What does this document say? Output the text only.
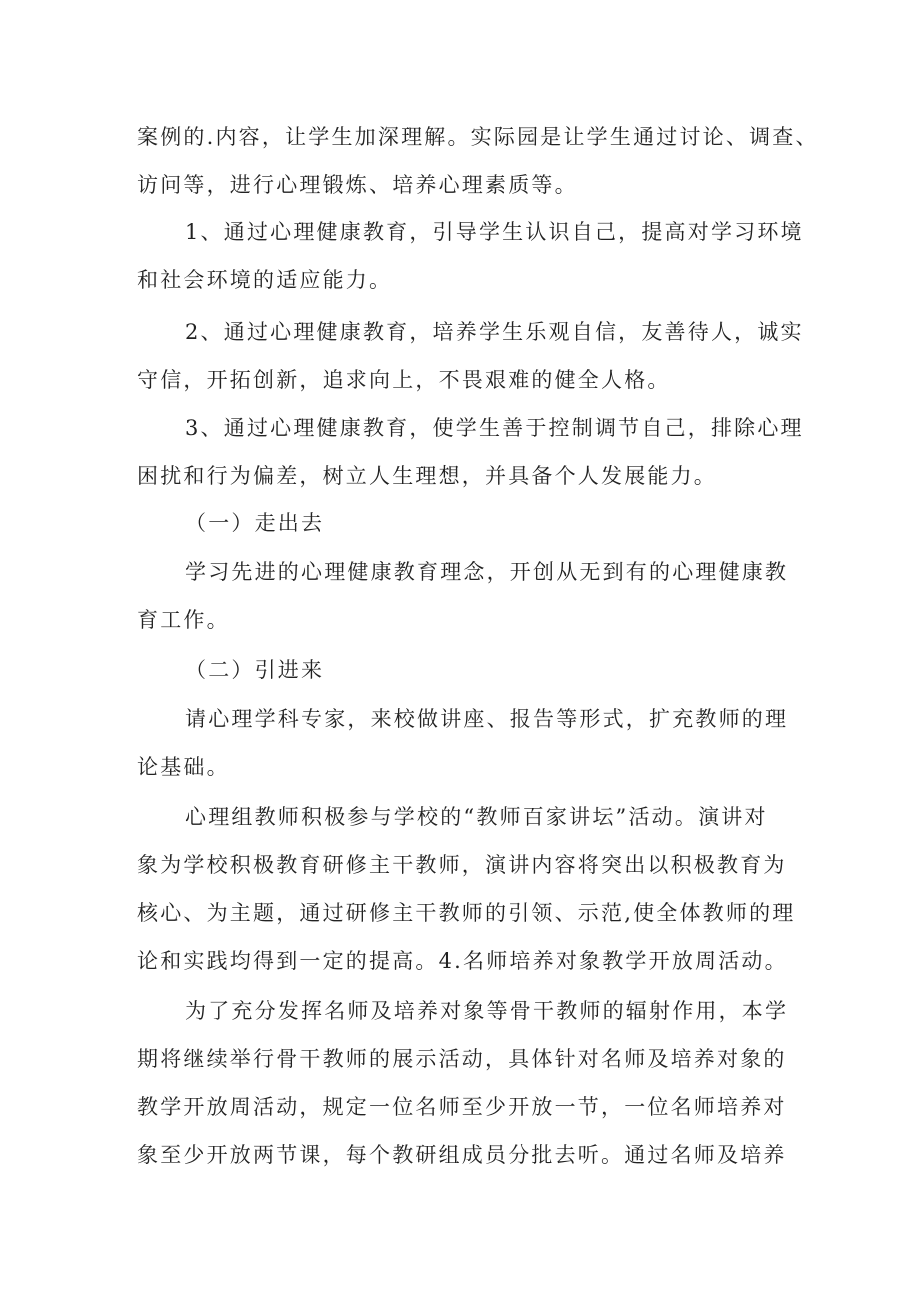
案例的.内容，让学生加深理解。实际园是让学生通过讨论、调查、
访问等，进行心理锻炼、培养心理素质等。
1、通过心理健康教育，引导学生认识自己，提高对学习环境
和社会环境的适应能力。
2、通过心理健康教育，培养学生乐观自信，友善待人，诚实
守信，开拓创新，追求向上，不畏艰难的健全人格。
3、通过心理健康教育，使学生善于控制调节自己，排除心理
困扰和行为偏差，树立人生理想，并具备个人发展能力。
（一）走出去
学习先进的心理健康教育理念，开创从无到有的心理健康教
育工作。
（二）引进来
请心理学科专家，来校做讲座、报告等形式，扩充教师的理
论基础。
心理组教师积极参与学校的“教师百家讲坛”活动。演讲对
象为学校积极教育研修主干教师，演讲内容将突出以积极教育为
核心、为主题，通过研修主干教师的引领、示范,使全体教师的理
论和实践均得到一定的提高。4.名师培养对象教学开放周活动。
为了充分发挥名师及培养对象等骨干教师的辐射作用，本学
期将继续举行骨干教师的展示活动，具体针对名师及培养对象的
教学开放周活动，规定一位名师至少开放一节，一位名师培养对
象至少开放两节课，每个教研组成员分批去听。通过名师及培养
